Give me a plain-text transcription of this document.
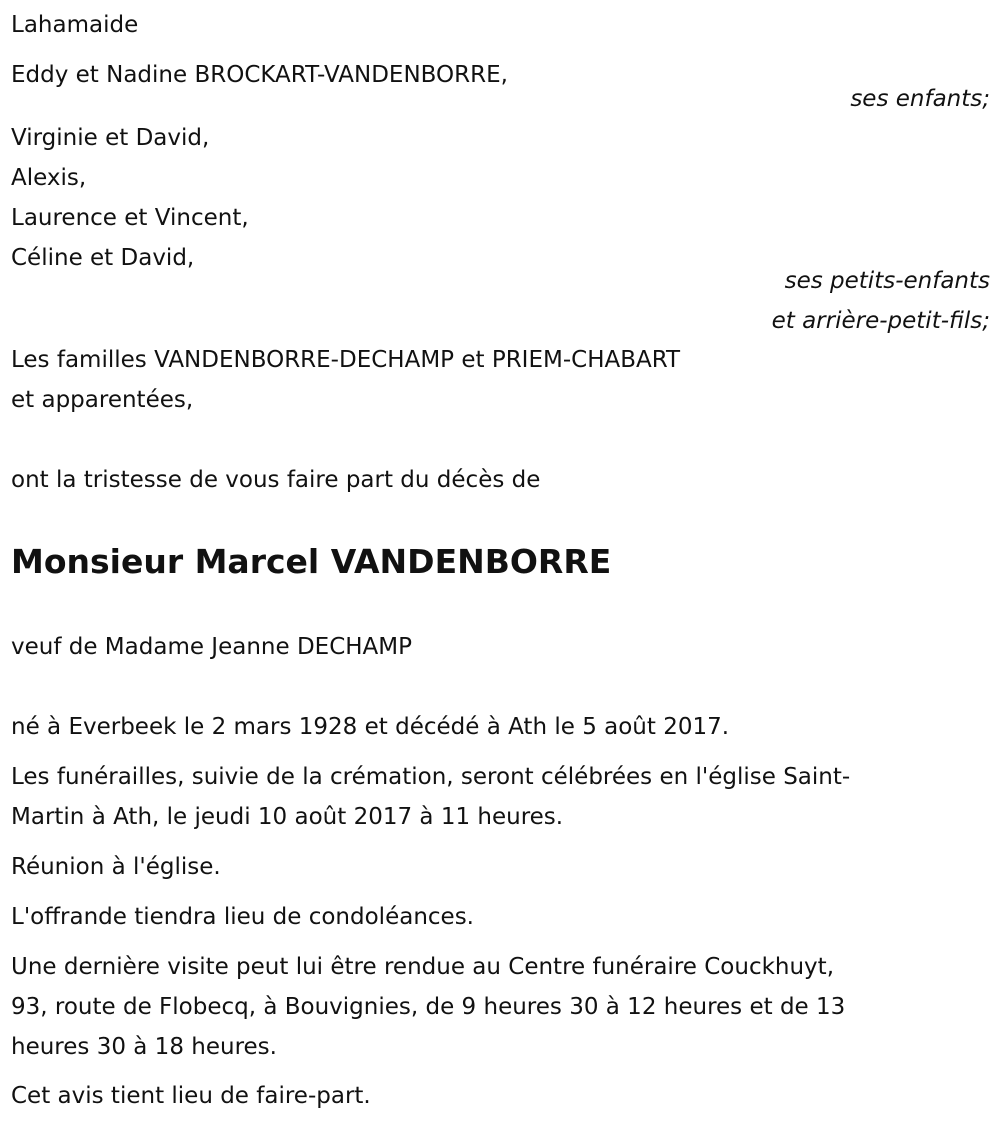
Lahamaide
Eddy et Nadine BROCKART-VANDENBORRE,
ses enfants;
Virginie et David,
Alexis,
Laurence et Vincent,
Céline et David,
ses petits-enfants
et arrière-petit-fils;
Les familles VANDENBORRE-DECHAMP et PRIEM-CHABART
et apparentées,
ont la tristesse de vous faire part du décès de
Monsieur Marcel VANDENBORRE
veuf de Madame Jeanne DECHAMP
né à Everbeek le 2 mars 1928 et décédé à Ath le 5 août 2017.
Les funérailles, suivie de la crémation, seront célébrées en l'église Saint-
Martin à Ath, le jeudi 10 août 2017 à 11 heures.
Réunion à l'église.
L'offrande tiendra lieu de condoléances.
Une dernière visite peut lui être rendue au Centre funéraire Couckhuyt,
93, route de Flobecq, à Bouvignies, de 9 heures 30 à 12 heures et de 13
heures 30 à 18 heures.
Cet avis tient lieu de faire-part.
